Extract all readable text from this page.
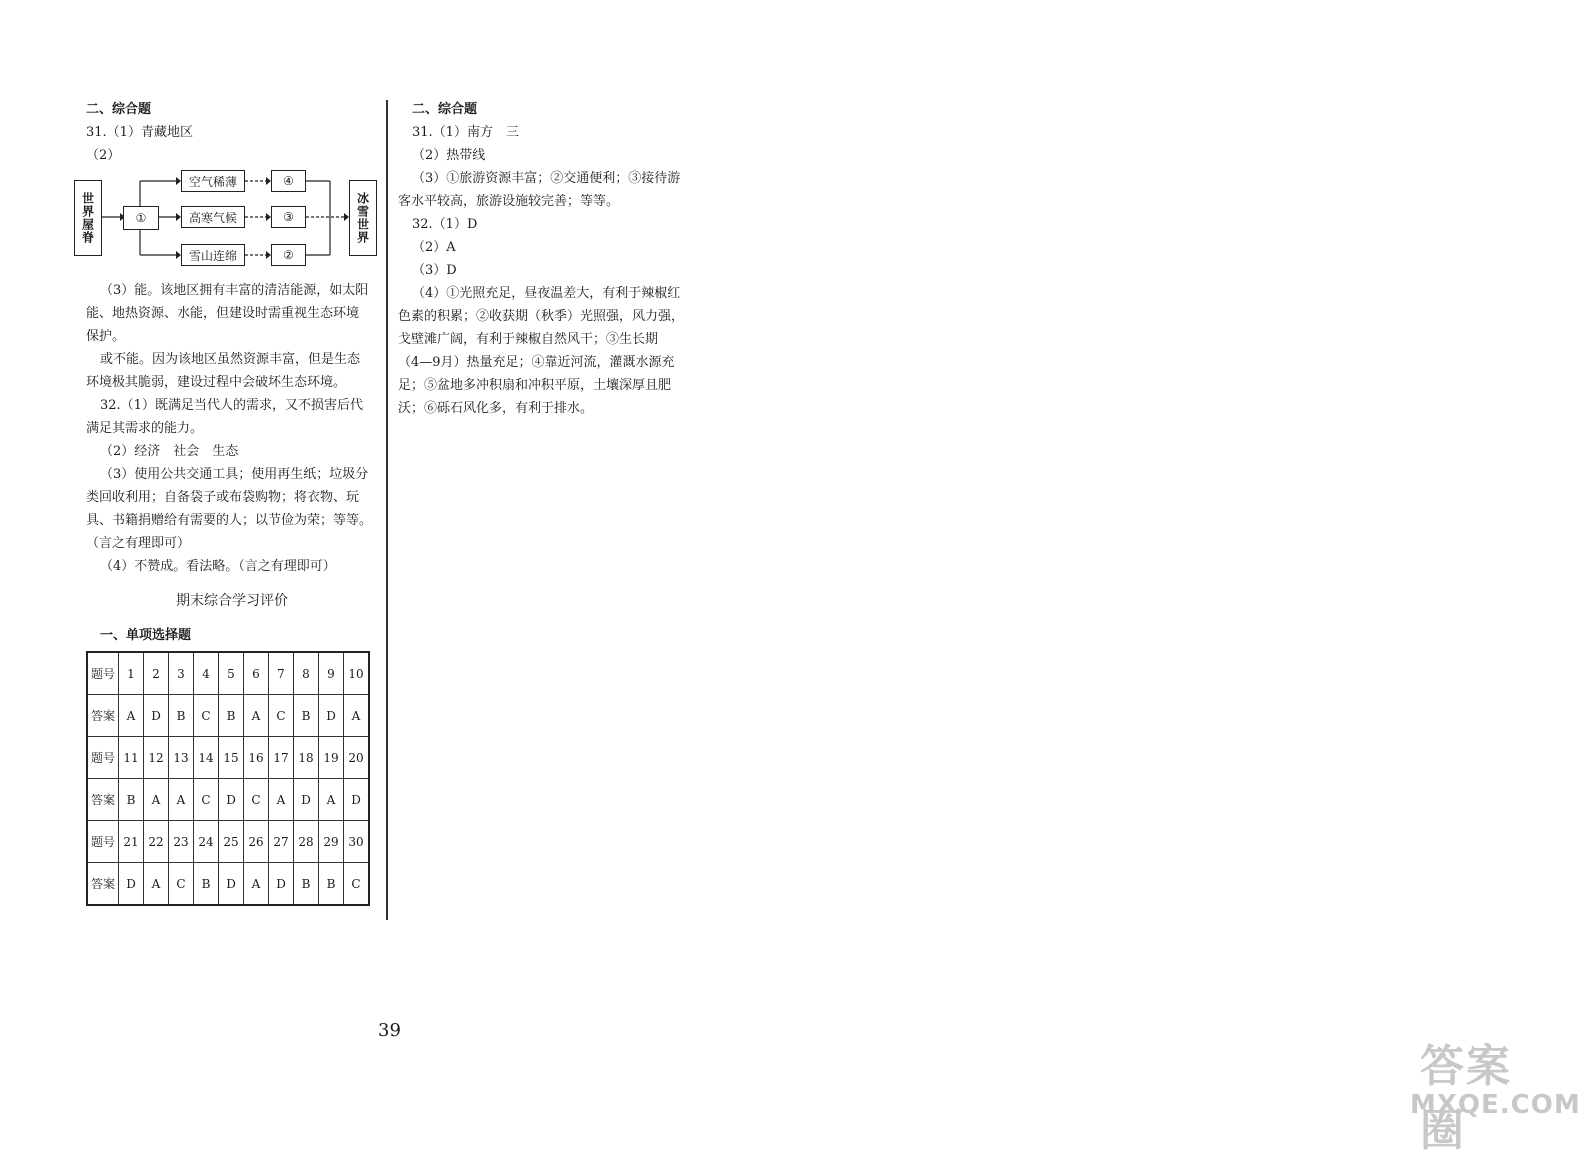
二、综合题
31.（1）青藏地区
（2）
世界屋脊	①
空气稀薄
高寒气候
雪山连绵
④
③
②
冰雪世界
（3）能。该地区拥有丰富的清洁能源，如太阳
能、地热资源、水能，但建设时需重视生态环境
保护。
或不能。因为该地区虽然资源丰富，但是生态
环境极其脆弱，建设过程中会破坏生态环境。
32.（1）既满足当代人的需求，又不损害后代
满足其需求的能力。
（2）经济　社会　生态
（3）使用公共交通工具；使用再生纸；垃圾分
类回收利用；自备袋子或布袋购物；将衣物、玩
具、书籍捐赠给有需要的人；以节俭为荣；等等。
（言之有理即可）
（4）不赞成。看法略。（言之有理即可）
期末综合学习评价
一、单项选择题
题号	1	2	3	4	5	6	7	8	9	10
答案	A	D	B	C	B	A	C	B	D	A
题号	11	12	13	14	15	16	17	18	19	20
答案	B	A	A	C	D	C	A	D	A	D
题号	21	22	23	24	25	26	27	28	29	30
答案	D	A	C	B	D	A	D	B	B	C
二、综合题
31.（1）南方　三
（2）热带线
（3）①旅游资源丰富；②交通便利；③接待游
客水平较高，旅游设施较完善；等等。
32.（1）D
（2）A
（3）D
（4）①光照充足，昼夜温差大，有利于辣椒红
色素的积累；②收获期（秋季）光照强，风力强，
戈壁滩广阔，有利于辣椒自然风干；③生长期
（4—9月）热量充足；④靠近河流，灌溉水源充
足；⑤盆地多冲积扇和冲积平原，土壤深厚且肥
沃；⑥砾石风化多，有利于排水。
39
答案圈
MXQE.COM
